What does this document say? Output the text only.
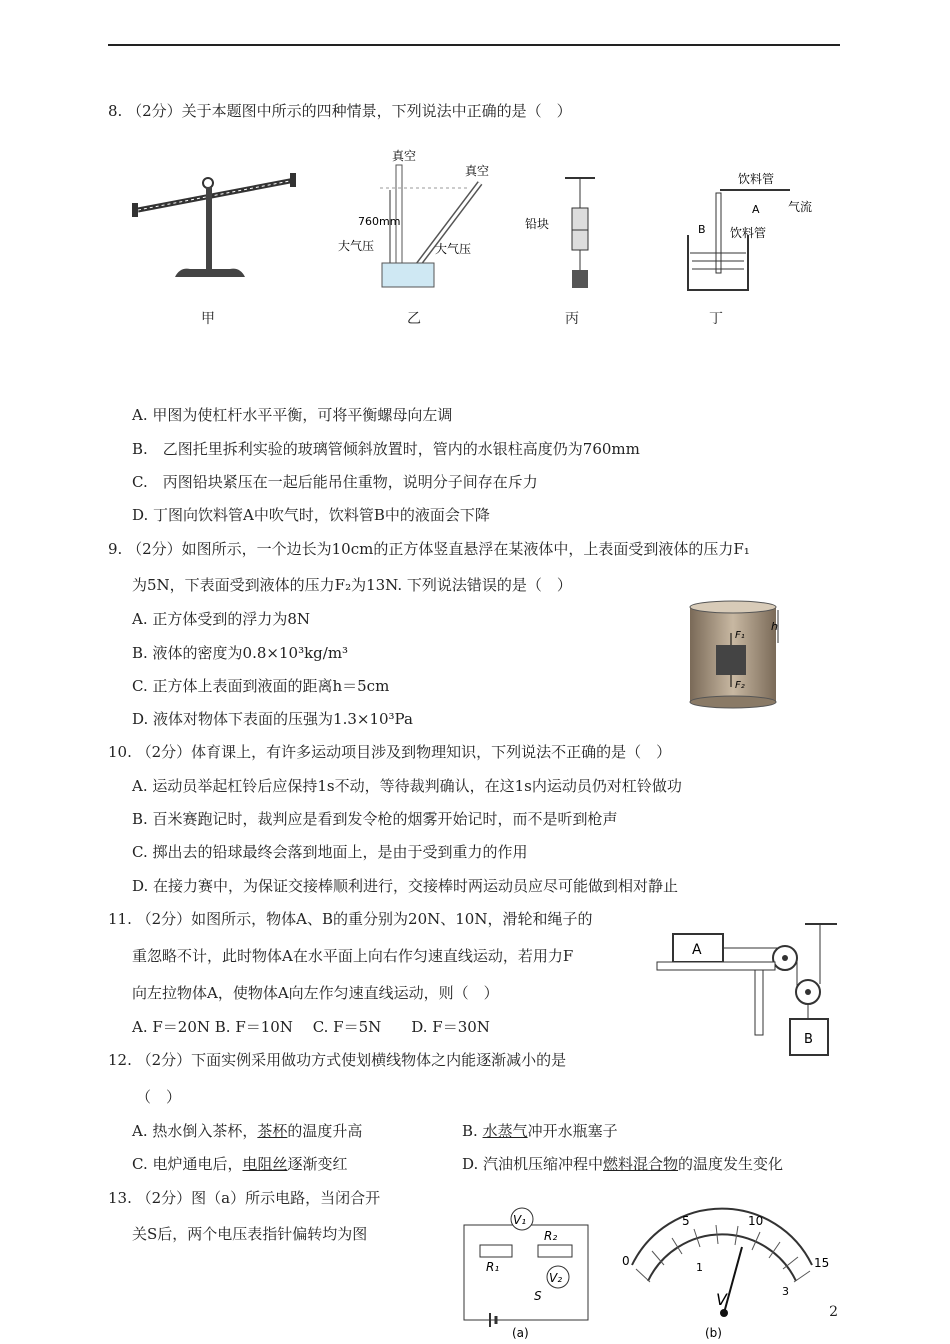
8. （2分）关于本题图中所示的四种情景，下列说法中正确的是（　）
甲
真空
真空
760mm
大气压	大气压
乙
铅块
丙
饮料管
A 气流
饮料管
B
丁
A. 甲图为使杠杆水平平衡，可将平衡螺母向左调
B.　乙图托里拆利实验的玻璃管倾斜放置时，管内的水银柱高度仍为760mm
C.　丙图铅块紧压在一起后能吊住重物，说明分子间存在斥力
D. 丁图向饮料管A中吹气时，饮料管B中的液面会下降
9. （2分）如图所示，一个边长为10cm的正方体竖直悬浮在某液体中，上表面受到液体的压力F₁
为5N，下表面受到液体的压力F₂为13N. 下列说法错误的是（　）
A. 正方体受到的浮力为8N
B. 液体的密度为0.8×10³kg/m³
C. 正方体上表面到液面的距离h＝5cm
D. 液体对物体下表面的压强为1.3×10³Pa
h
F₁
F₂
10. （2分）体育课上，有许多运动项目涉及到物理知识，下列说法不正确的是（　）
A. 运动员举起杠铃后应保持1s不动，等待裁判确认，在这1s内运动员仍对杠铃做功
B. 百米赛跑记时，裁判应是看到发令枪的烟雾开始记时，而不是听到枪声
C. 掷出去的铅球最终会落到地面上，是由于受到重力的作用
D. 在接力赛中，为保证交接棒顺利进行，交接棒时两运动员应尽可能做到相对静止
11. （2分）如图所示，物体A、B的重分别为20N、10N，滑轮和绳子的
重忽略不计，此时物体A在水平面上向右作匀速直线运动，若用力F
向左拉物体A，使物体A向左作匀速直线运动，则（　）
A. F＝20N B. F＝10N　 C. F＝5N　　D. F＝30N
A
B
12. （2分）下面实例采用做功方式使划横线物体之内能逐渐减小的是
（　）
A. 热水倒入茶杯，茶杯的温度升高	B. 水蒸气冲开水瓶塞子
C. 电炉通电后，电阻丝逐渐变红	D. 汽油机压缩冲程中燃料混合物的温度发生变化
13. （2分）图（a）所示电路，当闭合开
关S后，两个电压表指针偏转均为图
V₁
R₁
R₂
V₂
S
(a)
0
5	10
15
1
3
V
(b)
2
